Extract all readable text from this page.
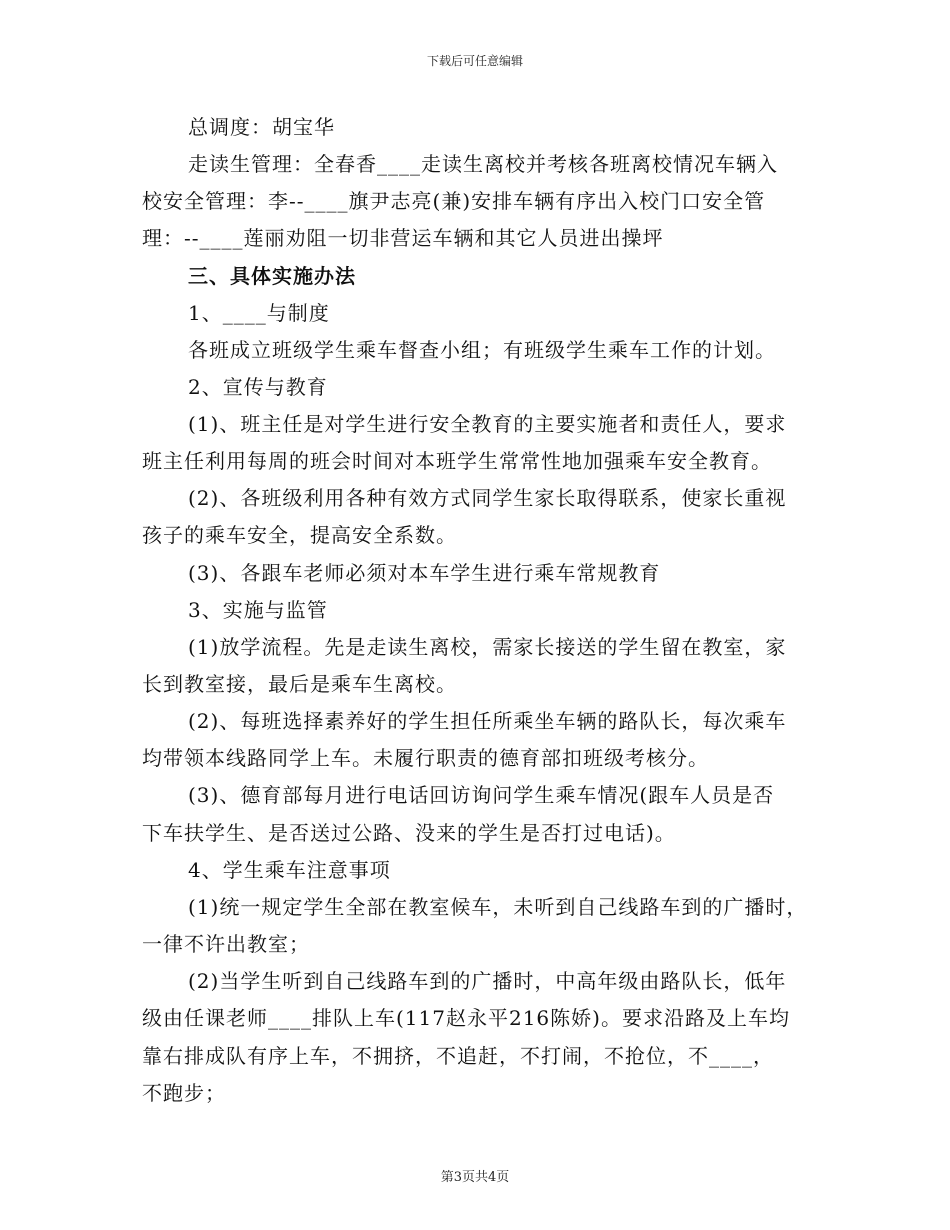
下载后可任意编辑
总调度：胡宝华
走读生管理：全春香____走读生离校并考核各班离校情况车辆入
校安全管理：李--____旗尹志亮(兼)安排车辆有序出入校门口安全管
理：--____莲丽劝阻一切非营运车辆和其它人员进出操坪
三、具体实施办法
1、____与制度
各班成立班级学生乘车督查小组；有班级学生乘车工作的计划。
2、宣传与教育
(1)、班主任是对学生进行安全教育的主要实施者和责任人，要求
班主任利用每周的班会时间对本班学生常常性地加强乘车安全教育。
(2)、各班级利用各种有效方式同学生家长取得联系，使家长重视
孩子的乘车安全，提高安全系数。
(3)、各跟车老师必须对本车学生进行乘车常规教育
3、实施与监管
(1)放学流程。先是走读生离校，需家长接送的学生留在教室，家
长到教室接，最后是乘车生离校。
(2)、每班选择素养好的学生担任所乘坐车辆的路队长，每次乘车
均带领本线路同学上车。未履行职责的德育部扣班级考核分。
(3)、德育部每月进行电话回访询问学生乘车情况(跟车人员是否
下车扶学生、是否送过公路、没来的学生是否打过电话)。
4、学生乘车注意事项
(1)统一规定学生全部在教室候车，未听到自己线路车到的广播时，
一律不许出教室；
(2)当学生听到自己线路车到的广播时，中高年级由路队长，低年
级由任课老师____排队上车(117赵永平216陈娇)。要求沿路及上车均
靠右排成队有序上车，不拥挤，不追赶，不打闹，不抢位，不____，
不跑步；
第3页共4页
